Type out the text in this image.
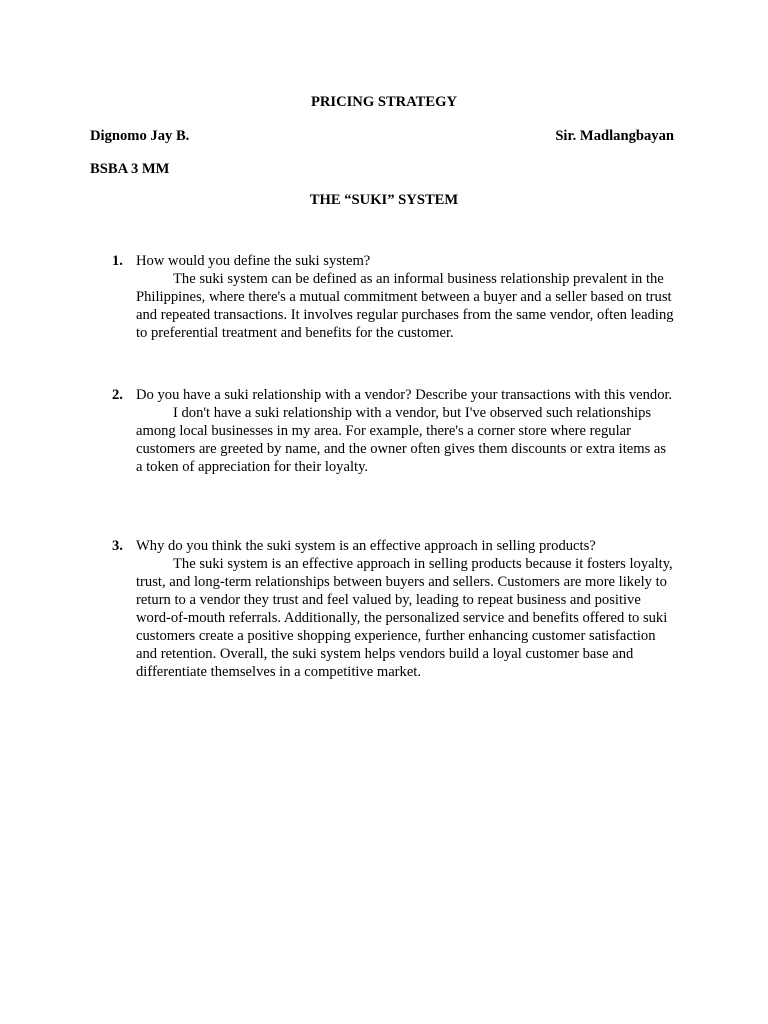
PRICING STRATEGY
Dignomo Jay B.	Sir. Madlangbayan
BSBA 3 MM
THE “SUKI” SYSTEM
1. How would you define the suki system?

The suki system can be defined as an informal business relationship prevalent in the Philippines, where there's a mutual commitment between a buyer and a seller based on trust and repeated transactions. It involves regular purchases from the same vendor, often leading to preferential treatment and benefits for the customer.

2. Do you have a suki relationship with a vendor? Describe your transactions with this vendor.

I don't have a suki relationship with a vendor, but I've observed such relationships among local businesses in my area. For example, there's a corner store where regular customers are greeted by name, and the owner often gives them discounts or extra items as a token of appreciation for their loyalty.

3. Why do you think the suki system is an effective approach in selling products?

The suki system is an effective approach in selling products because it fosters loyalty, trust, and long-term relationships between buyers and sellers. Customers are more likely to return to a vendor they trust and feel valued by, leading to repeat business and positive word-of-mouth referrals. Additionally, the personalized service and benefits offered to suki customers create a positive shopping experience, further enhancing customer satisfaction and retention. Overall, the suki system helps vendors build a loyal customer base and differentiate themselves in a competitive market.
